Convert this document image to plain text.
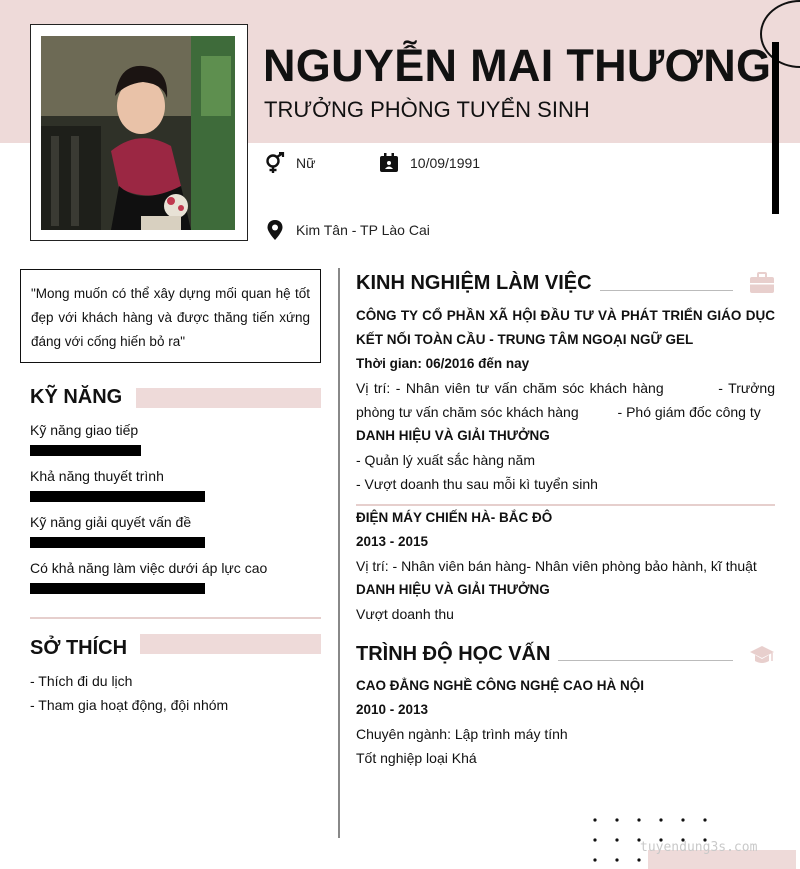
NGUYỄN MAI THƯƠNG
TRƯỞNG PHÒNG TUYỂN SINH
Nữ	10/09/1991
Kim Tân - TP Lào Cai
"Mong muốn có thể xây dựng mối quan hệ tốt đẹp với khách hàng và được thăng tiến xứng đáng với cống hiến bỏ ra"
KỸ NĂNG
Kỹ năng giao tiếp
Khả năng thuyết trình
Kỹ năng giải quyết vấn đề
Có khả năng làm việc dưới áp lực cao
SỞ THÍCH
- Thích đi du lịch
- Tham gia hoạt động, đội nhóm
KINH NGHIỆM LÀM VIỆC
CÔNG TY CỔ PHẦN XÃ HỘI ĐẦU TƯ VÀ PHÁT TRIỂN GIÁO DỤC KẾT NỐI TOÀN CẦU - TRUNG TÂM NGOẠI NGỮ GEL
Thời gian: 06/2016 đến nay
Vị trí: - Nhân viên tư vấn chăm sóc khách hàng          - Trưởng phòng tư vấn chăm sóc khách hàng          - Phó giám đốc công ty
DANH HIỆU VÀ GIẢI THƯỞNG
- Quản lý xuất sắc hàng năm
- Vượt doanh thu sau mỗi kì tuyển sinh
ĐIỆN MÁY CHIẾN HÀ- BẮC ĐÔ
2013 - 2015
Vị trí: - Nhân viên bán hàng- Nhân viên phòng bảo hành, kĩ thuật
DANH HIỆU VÀ GIẢI THƯỞNG
Vượt doanh thu
TRÌNH ĐỘ HỌC VẤN
CAO ĐẲNG NGHỀ CÔNG NGHỆ CAO HÀ NỘI
2010 - 2013
Chuyên ngành: Lập trình máy tính
Tốt nghiệp loại Khá
tuyendung3s.com
